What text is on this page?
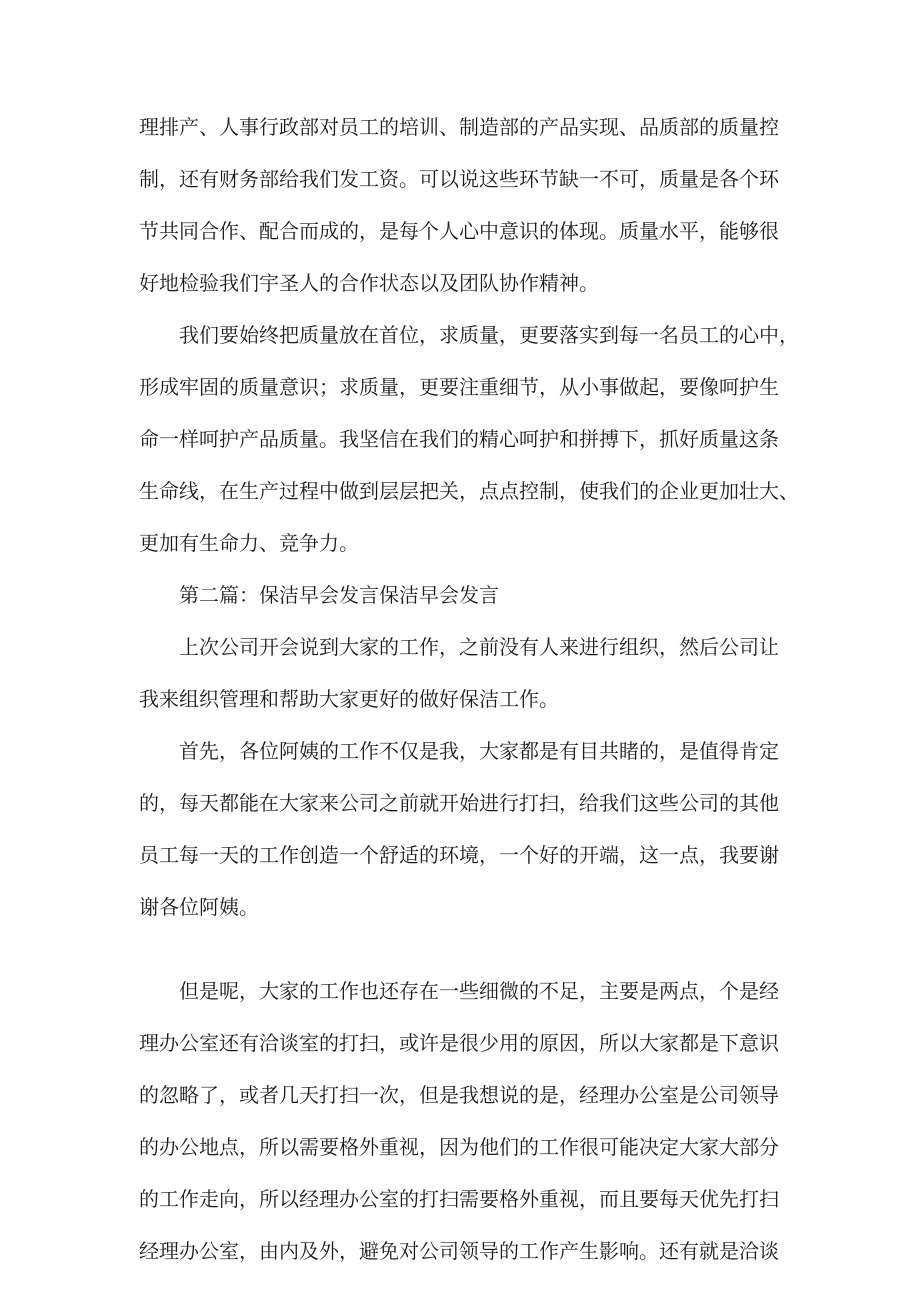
理排产、人事行政部对员工的培训、制造部的产品实现、品质部的质量控
制，还有财务部给我们发工资。可以说这些环节缺一不可，质量是各个环
节共同合作、配合而成的，是每个人心中意识的体现。质量水平，能够很
好地检验我们宇圣人的合作状态以及团队协作精神。
我们要始终把质量放在首位，求质量，更要落实到每一名员工的心中，
形成牢固的质量意识；求质量，更要注重细节，从小事做起，要像呵护生
命一样呵护产品质量。我坚信在我们的精心呵护和拼搏下，抓好质量这条
生命线，在生产过程中做到层层把关，点点控制，使我们的企业更加壮大、
更加有生命力、竞争力。
第二篇：保洁早会发言保洁早会发言
上次公司开会说到大家的工作，之前没有人来进行组织，然后公司让
我来组织管理和帮助大家更好的做好保洁工作。
首先，各位阿姨的工作不仅是我，大家都是有目共睹的，是值得肯定
的，每天都能在大家来公司之前就开始进行打扫，给我们这些公司的其他
员工每一天的工作创造一个舒适的环境，一个好的开端，这一点，我要谢
谢各位阿姨。
但是呢，大家的工作也还存在一些细微的不足，主要是两点，个是经
理办公室还有洽谈室的打扫，或许是很少用的原因，所以大家都是下意识
的忽略了，或者几天打扫一次，但是我想说的是，经理办公室是公司领导
的办公地点，所以需要格外重视，因为他们的工作很可能决定大家大部分
的工作走向，所以经理办公室的打扫需要格外重视，而且要每天优先打扫
经理办公室，由内及外，避免对公司领导的工作产生影响。还有就是洽谈
